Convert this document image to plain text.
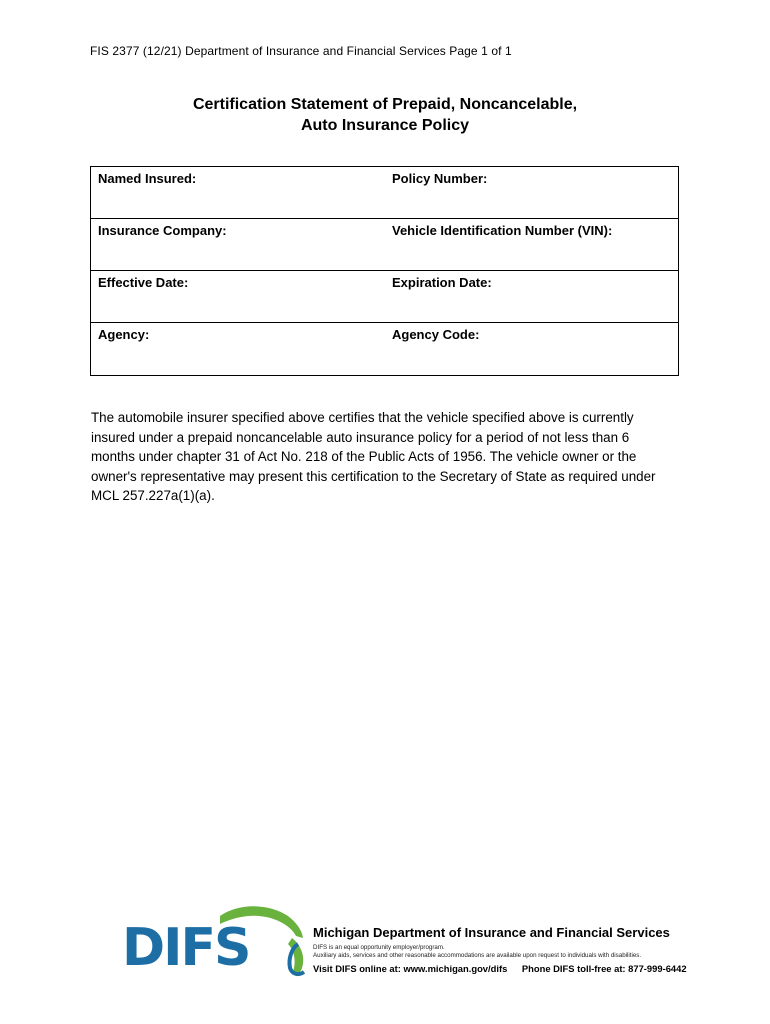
FIS 2377 (12/21) Department of Insurance and Financial Services Page 1 of 1
Certification Statement of Prepaid, Noncancelable,
Auto Insurance Policy
Named Insured:	Policy Number:
Insurance Company:	Vehicle Identification Number (VIN):
Effective Date:	Expiration Date:
Agency:	Agency Code:
The automobile insurer specified above certifies that the vehicle specified above is currently
insured under a prepaid noncancelable auto insurance policy for a period of not less than 6
months under chapter 31 of Act No. 218 of the Public Acts of 1956. The vehicle owner or the
owner's representative may present this certification to the Secretary of State as required under
MCL 257.227a(1)(a).
DIFS	Michigan Department of Insurance and Financial Services
DIFS is an equal opportunity employer/program.
Auxiliary aids, services and other reasonable accommodations are available upon request to individuals with disabilities.
Visit DIFS online at: www.michigan.gov/difs Phone DIFS toll-free at: 877-999-6442
